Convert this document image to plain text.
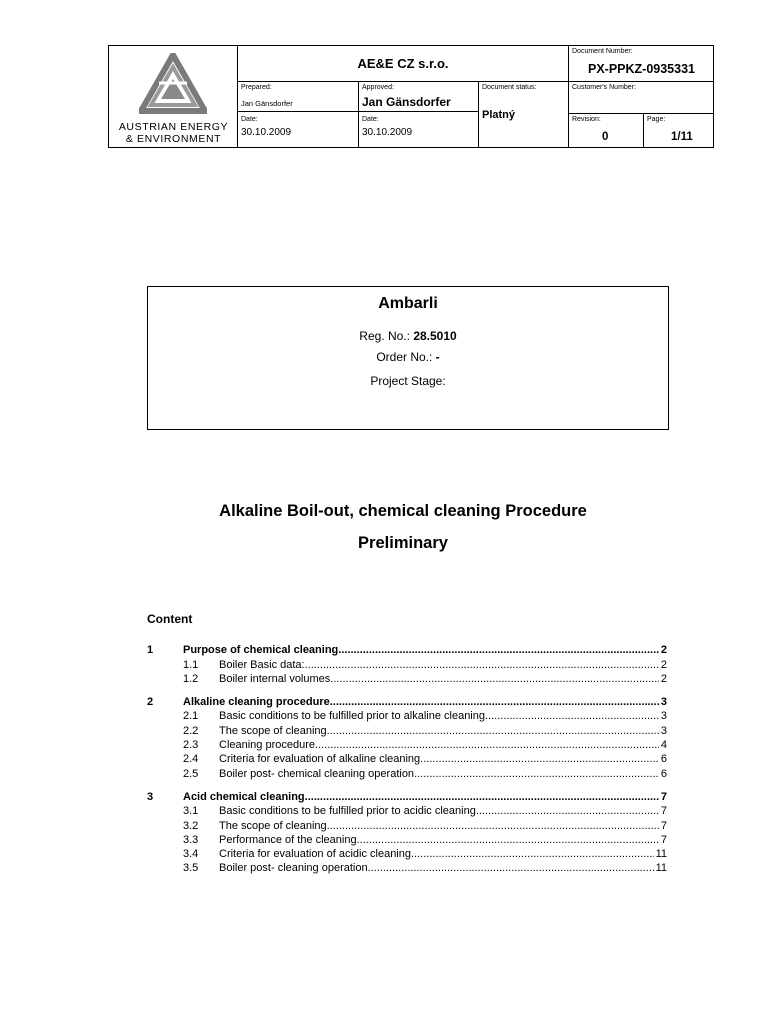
AUSTRIAN ENERGY
& ENVIRONMENT
AE&E CZ s.r.o.
Document Number:
PX-PPKZ-0935331
Prepared:
Jan Gänsdorfer
Date:
30.10.2009
Approved:
Jan Gänsdorfer
Date:
30.10.2009
Document status:
Platný
Customer's Number:
Revision:
0
Page:
1/11
Ambarli
Reg. No.: 28.5010
Order No.: -
Project Stage:
Alkaline Boil-out, chemical cleaning Procedure
Preliminary
Content
1	Purpose of chemical cleaning .....	2
1.1	Boiler Basic data: .....	2
1.2	Boiler internal volumes .....	2
2	Alkaline cleaning procedure .....	3
2.1	Basic conditions to be fulfilled prior to alkaline cleaning .....	3
2.2	The scope of cleaning .....	3
2.3	Cleaning procedure .....	4
2.4	Criteria for evaluation of alkaline cleaning .....	6
2.5	Boiler post- chemical cleaning operation .....	6
3	Acid chemical cleaning .....	7
3.1	Basic conditions to be fulfilled prior to acidic cleaning .....	7
3.2	The scope of cleaning .....	7
3.3	Performance of the cleaning .....	7
3.4	Criteria for evaluation of acidic cleaning .....	11
3.5	Boiler post- cleaning operation .....	11
